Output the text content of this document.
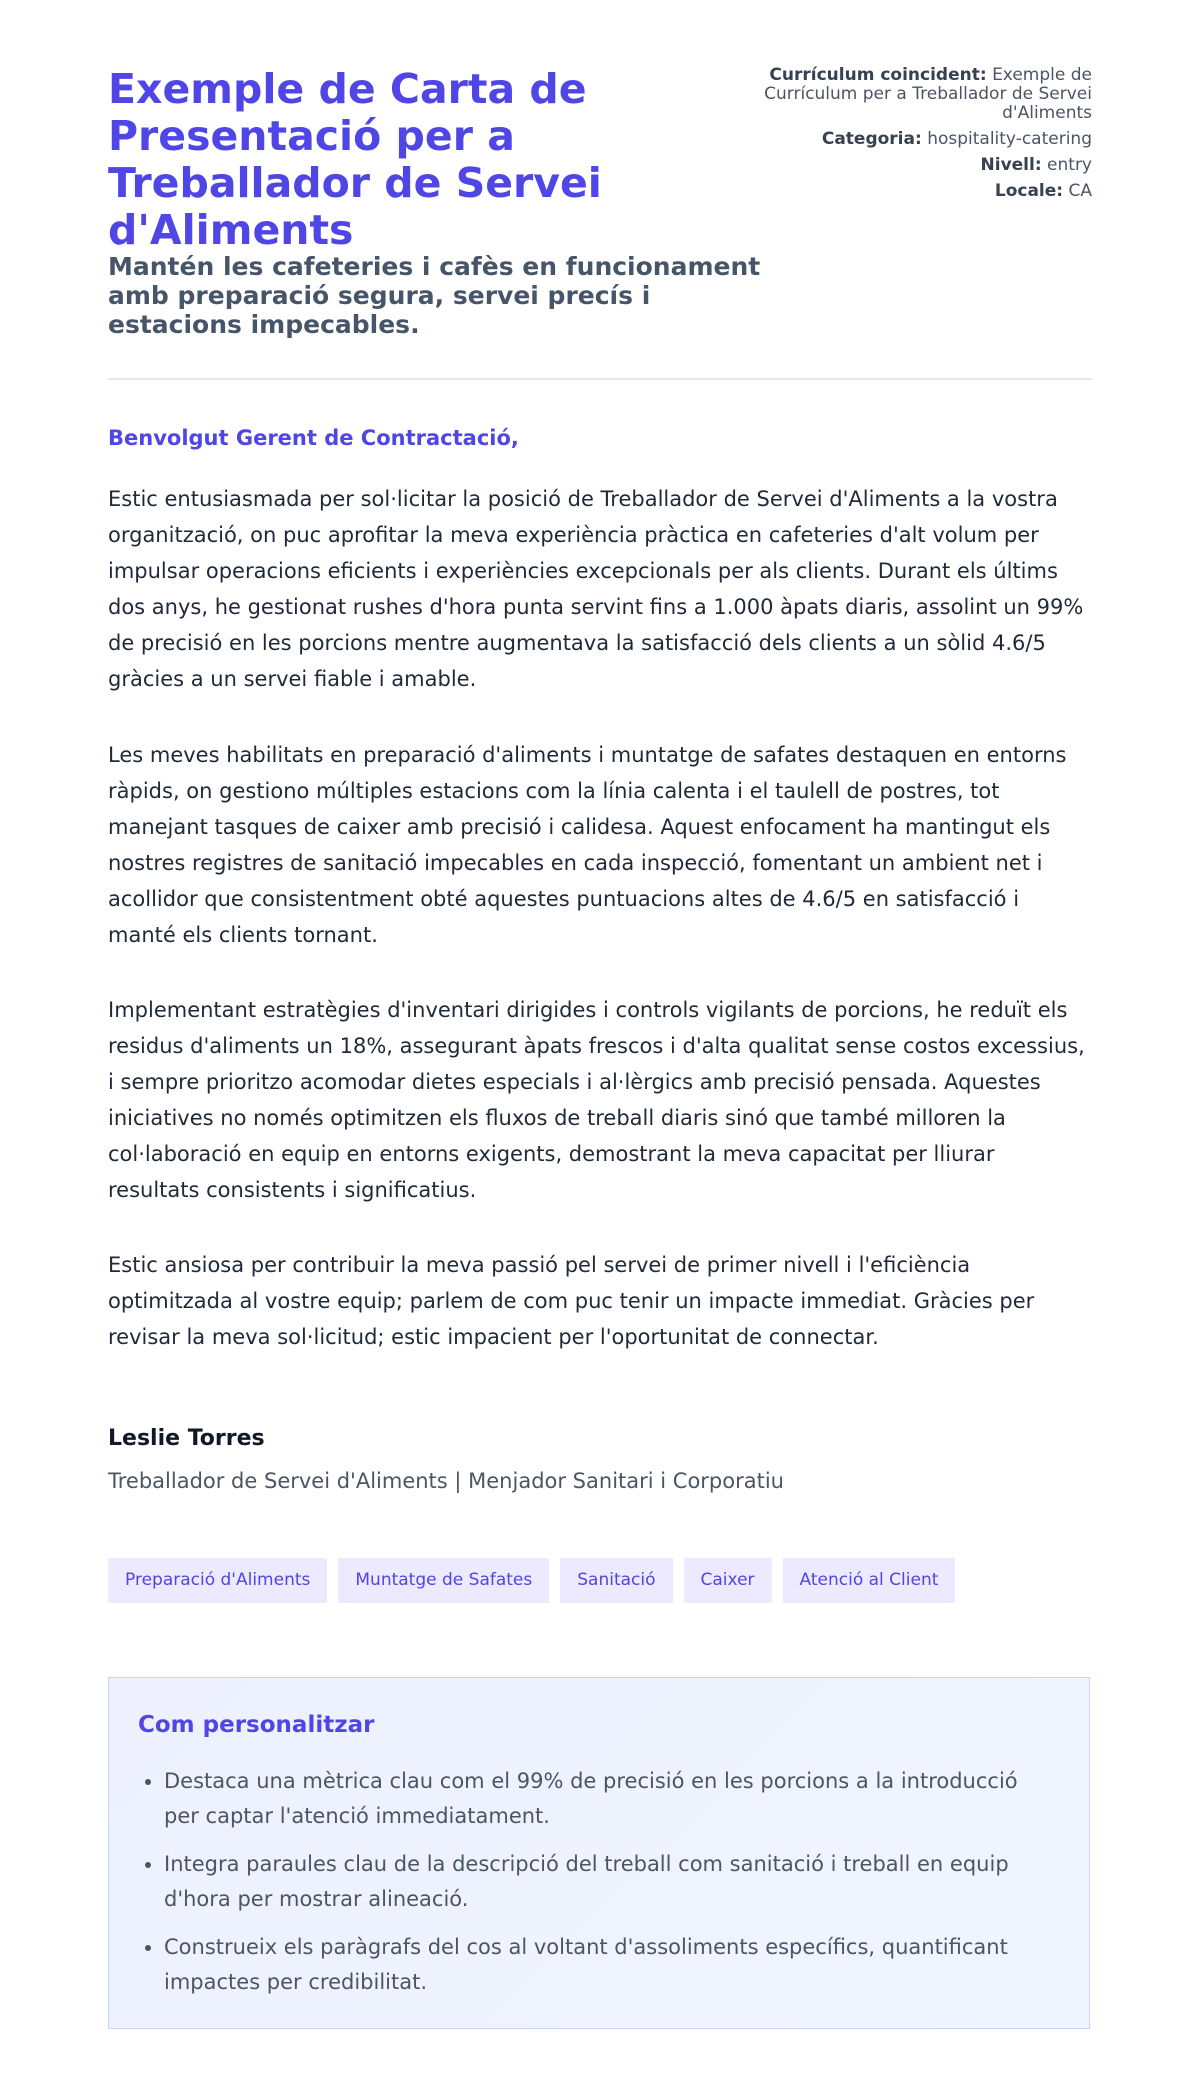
Exemple de Carta de Presentació per a Treballador de Servei d'Aliments
Mantén les cafeteries i cafès en funcionament amb preparació segura, servei precís i estacions impecables.
Currículum coincident: Exemple de Currículum per a Treballador de Servei d'Aliments
Categoria: hospitality-catering
Nivell: entry
Locale: CA

Benvolgut Gerent de Contractació,

Estic entusiasmada per sol·licitar la posició de Treballador de Servei d'Aliments a la vostra organització, on puc aprofitar la meva experiència pràctica en cafeteries d'alt volum per impulsar operacions eficients i experiències excepcionals per als clients. Durant els últims dos anys, he gestionat rushes d'hora punta servint fins a 1.000 àpats diaris, assolint un 99% de precisió en les porcions mentre augmentava la satisfacció dels clients a un sòlid 4.6/5 gràcies a un servei fiable i amable.

Les meves habilitats en preparació d'aliments i muntatge de safates destaquen en entorns ràpids, on gestiono múltiples estacions com la línia calenta i el taulell de postres, tot manejant tasques de caixer amb precisió i calidesa. Aquest enfocament ha mantingut els nostres registres de sanitació impecables en cada inspecció, fomentant un ambient net i acollidor que consistentment obté aquestes puntuacions altes de 4.6/5 en satisfacció i manté els clients tornant.

Implementant estratègies d'inventari dirigides i controls vigilants de porcions, he reduït els residus d'aliments un 18%, assegurant àpats frescos i d'alta qualitat sense costos excessius, i sempre prioritzo acomodar dietes especials i al·lèrgics amb precisió pensada. Aquestes iniciatives no només optimitzen els fluxos de treball diaris sinó que també milloren la col·laboració en equip en entorns exigents, demostrant la meva capacitat per lliurar resultats consistents i significatius.

Estic ansiosa per contribuir la meva passió pel servei de primer nivell i l'eficiència optimitzada al vostre equip; parlem de com puc tenir un impacte immediat. Gràcies per revisar la meva sol·licitud; estic impacient per l'oportunitat de connectar.

Leslie Torres
Treballador de Servei d'Aliments | Menjador Sanitari i Corporatiu
Preparació d'Aliments	Muntatge de Safates	Sanitació	Caixer	Atenció al Client
Com personalitzar
• Destaca una mètrica clau com el 99% de precisió en les porcions a la introducció per captar l'atenció immediatament.
• Integra paraules clau de la descripció del treball com sanitació i treball en equip d'hora per mostrar alineació.
• Construeix els paràgrafs del cos al voltant d'assoliments específics, quantificant impactes per credibilitat.
